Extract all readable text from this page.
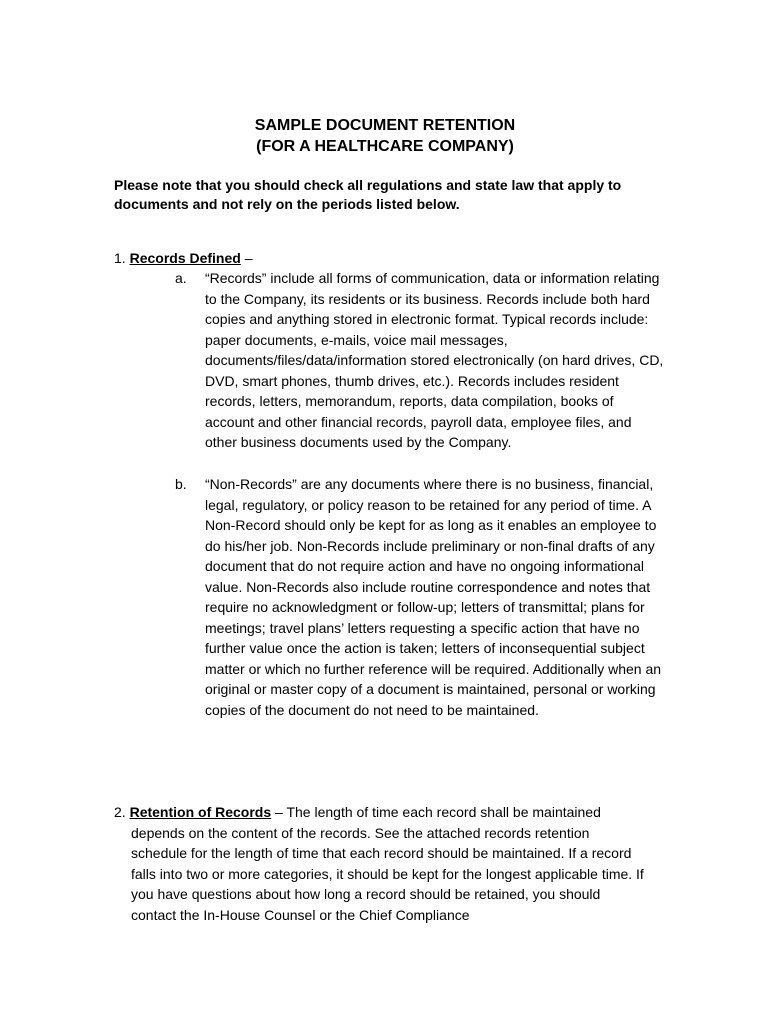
SAMPLE DOCUMENT RETENTION

(FOR A HEALTHCARE COMPANY)

Please note that you should check all regulations and state law that apply to documents and not rely on the periods listed below.

1. Records Defined –

a.	“Records” include all forms of communication, data or information relating to the Company, its residents or its business. Records include both hard copies and anything stored in electronic format. Typical records include: paper documents, e-mails, voice mail messages, documents/files/data/information stored electronically (on hard drives, CD, DVD, smart phones, thumb drives, etc.). Records includes resident records, letters, memorandum, reports, data compilation, books of account and other financial records, payroll data, employee files, and other business documents used by the Company.
b.	“Non-Records” are any documents where there is no business, financial, legal, regulatory, or policy reason to be retained for any period of time. A Non-Record should only be kept for as long as it enables an employee to do his/her job. Non-Records include preliminary or non-final drafts of any document that do not require action and have no ongoing informational value. Non-Records also include routine correspondence and notes that require no acknowledgment or follow-up; letters of transmittal; plans for meetings; travel plans’ letters requesting a specific action that have no further value once the action is taken; letters of inconsequential subject matter or which no further reference will be required. Additionally when an original or master copy of a document is maintained, personal or working copies of the document do not need to be maintained.
2. Retention of Records – The length of time each record shall be maintained depends on the content of the records. See the attached records retention schedule for the length of time that each record should be maintained. If a record falls into two or more categories, it should be kept for the longest applicable time. If you have questions about how long a record should be retained, you should contact the In-House Counsel or the Chief Compliance
